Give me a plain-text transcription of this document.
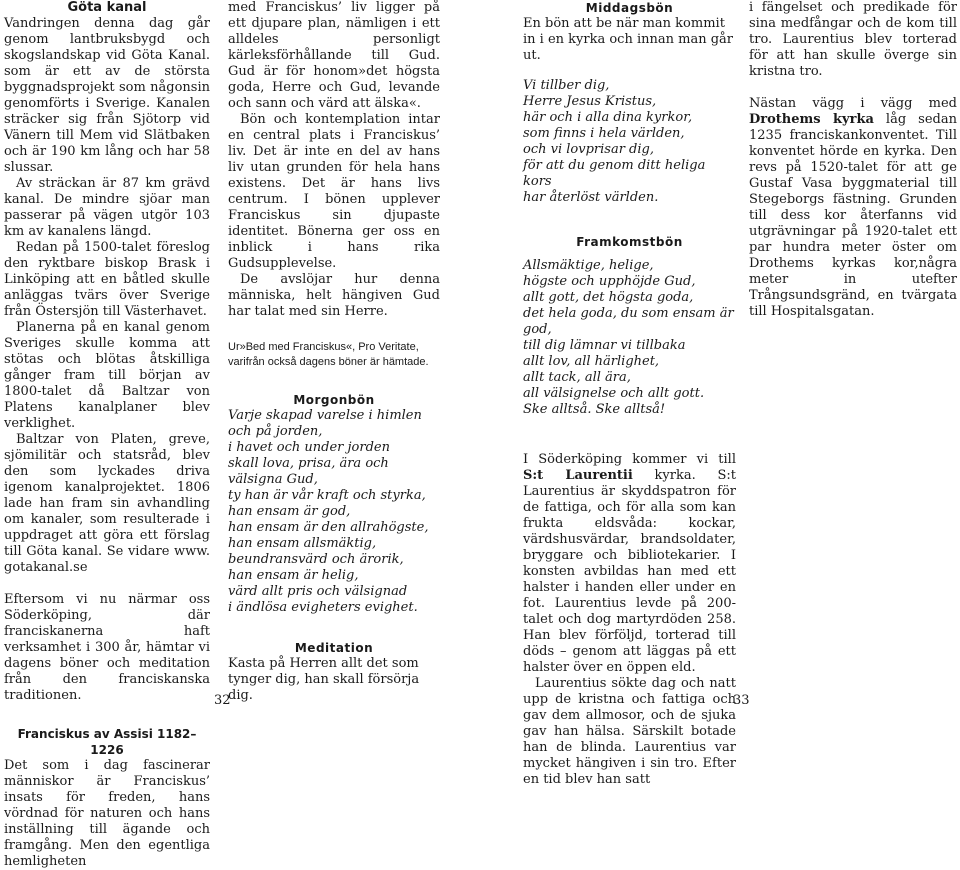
Göta kanal

Vandringen denna dag går genom lantbruksbygd och skogslandskap vid Göta Kanal. som är ett av de största byggnadsprojekt som någonsin genomförts i Sverige. Kanalen sträcker sig från Sjötorp vid Vänern till Mem vid Slätbaken och är 190 km lång och har 58 slussar.

Av sträckan är 87 km grävd kanal. De mindre sjöar man passerar på vägen utgör 103 km av kanalens längd.

Redan på 1500-talet föreslog den ryktbare biskop Brask i Linköping att en båtled skulle anläggas tvärs över Sverige från Östersjön till Västerhavet.

Planerna på en kanal genom Sveriges skulle komma att stötas och blötas åtskilliga gånger fram till början av 1800-talet då Baltzar von Platens kanalplaner blev verklighet.

Baltzar von Platen, greve, sjömilitär och statsråd, blev den som lyckades driva igenom kanalprojektet. 1806 lade han fram sin avhandling om kanaler, som resulterade i uppdraget att göra ett förslag till Göta kanal. Se vidare www. gotakanal.se

Eftersom vi nu närmar oss Söderköping, där franciskanerna haft verksamhet i 300 år, hämtar vi dagens böner och meditation från den franciskanska traditionen.

Franciskus av Assisi 1182–1226

Det som i dag fascinerar människor är Franciskus’ insats för freden, hans vördnad för naturen och hans inställning till ägande och framgång. Men den egentliga hemligheten

med Franciskus’ liv ligger på ett djupare plan, nämligen i ett alldeles personligt kärleksförhållande till Gud. Gud är för honom»det högsta goda, Herre och Gud, levande och sann och värd att älska«.

Bön och kontemplation intar en central plats i Franciskus’ liv. Det är inte en del av hans liv utan grunden för hela hans existens. Det är hans livs centrum. I bönen upplever Franciskus sin djupaste identitet. Bönerna ger oss en inblick i hans rika Gudsupplevelse.

De avslöjar hur denna människa, helt hängiven Gud har talat med sin Herre.

Ur»Bed med Franciskus«, Pro Veritate, varifrån också dagens böner är hämtade.

Morgonbön

Varje skapad varelse i himlen och på jorden,

i havet och under jorden

skall lova, prisa, ära och välsigna Gud,

ty han är vår kraft och styrka,

han ensam är god,

han ensam är den allrahögste,

han ensam allsmäktig,

beundransvärd och ärorik,

han ensam är helig,

värd allt pris och välsignad

i ändlösa evigheters evighet.

Meditation

Kasta på Herren allt det som tynger dig, han skall försörja dig.

Middagsbön

En bön att be när man kommit in i en kyrka och innan man går ut.

Vi tillber dig,

Herre Jesus Kristus,

här och i alla dina kyrkor,

som finns i hela världen,

och vi lovprisar dig,

för att du genom ditt heliga kors

har återlöst världen.

Framkomstbön

Allsmäktige, helige,

högste och upphöjde Gud,

allt gott, det högsta goda,

det hela goda, du som ensam är god,

till dig lämnar vi tillbaka

allt lov, all härlighet,

allt tack, all ära,

all välsignelse och allt gott.

Ske alltså. Ske alltså!

I Söderköping kommer vi till S:t Laurentii kyrka. S:t Laurentius är skyddspatron för de fattiga, och för alla som kan frukta eldsvåda: kockar, värdshusvärdar, brandsoldater, bryggare och bibliotekarier. I konsten avbildas han med ett halster i handen eller under en fot. Laurentius levde på 200-talet och dog martyrdöden 258. Han blev förföljd, torterad till döds – genom att läggas på ett halster över en öppen eld.

Laurentius sökte dag och natt upp de kristna och fattiga och gav dem allmosor, och de sjuka gav han hälsa. Särskilt botade han de blinda. Laurentius var mycket hängiven i sin tro. Efter en tid blev han satt

i fängelset och predikade för sina medfångar och de kom till tro. Laurentius blev torterad för att han skulle överge sin kristna tro.

Nästan vägg i vägg med Drothems kyrka låg sedan 1235 franciskankonventet. Till konventet hörde en kyrka. Den revs på 1520-talet för att ge Gustaf Vasa byggmaterial till Stegeborgs fästning. Grunden till dess kor återfanns vid utgrävningar på 1920-talet ett par hundra meter öster om Drothems kyrkas kor,några meter in utefter Trångsundsgränd, en tvärgata till Hospitalsgatan.

32	33
